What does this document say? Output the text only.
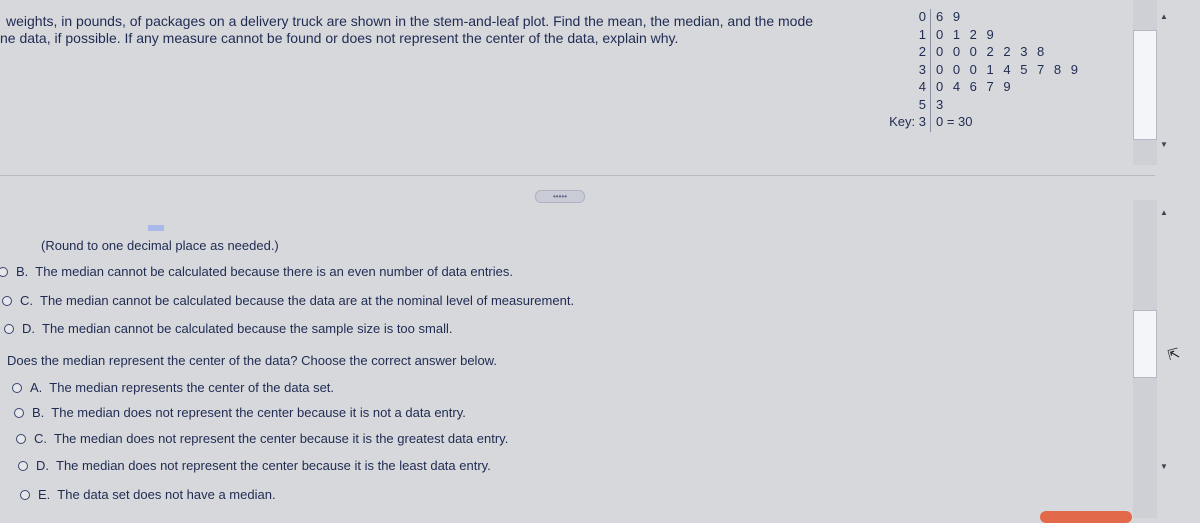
weights, in pounds, of packages on a delivery truck are shown in the stem-and-leaf plot. Find the mean, the median, and the mode
ne data, if possible. If any measure cannot be found or does not represent the center of the data, explain why.
0 6 9
1 0 1 2 9
2 0 0 0 2 2 3 8
3 0 0 0 1 4 5 7 8 9
4 0 4 6 7 9
5 3
Key: 3 0 = 30
▲
▼
•••••
▲
▼
⇱
(Round to one decimal place as needed.)
B. The median cannot be calculated because there is an even number of data entries.
C. The median cannot be calculated because the data are at the nominal level of measurement.
D. The median cannot be calculated because the sample size is too small.
Does the median represent the center of the data? Choose the correct answer below.
A. The median represents the center of the data set.
B. The median does not represent the center because it is not a data entry.
C. The median does not represent the center because it is the greatest data entry.
D. The median does not represent the center because it is the least data entry.
E. The data set does not have a median.
